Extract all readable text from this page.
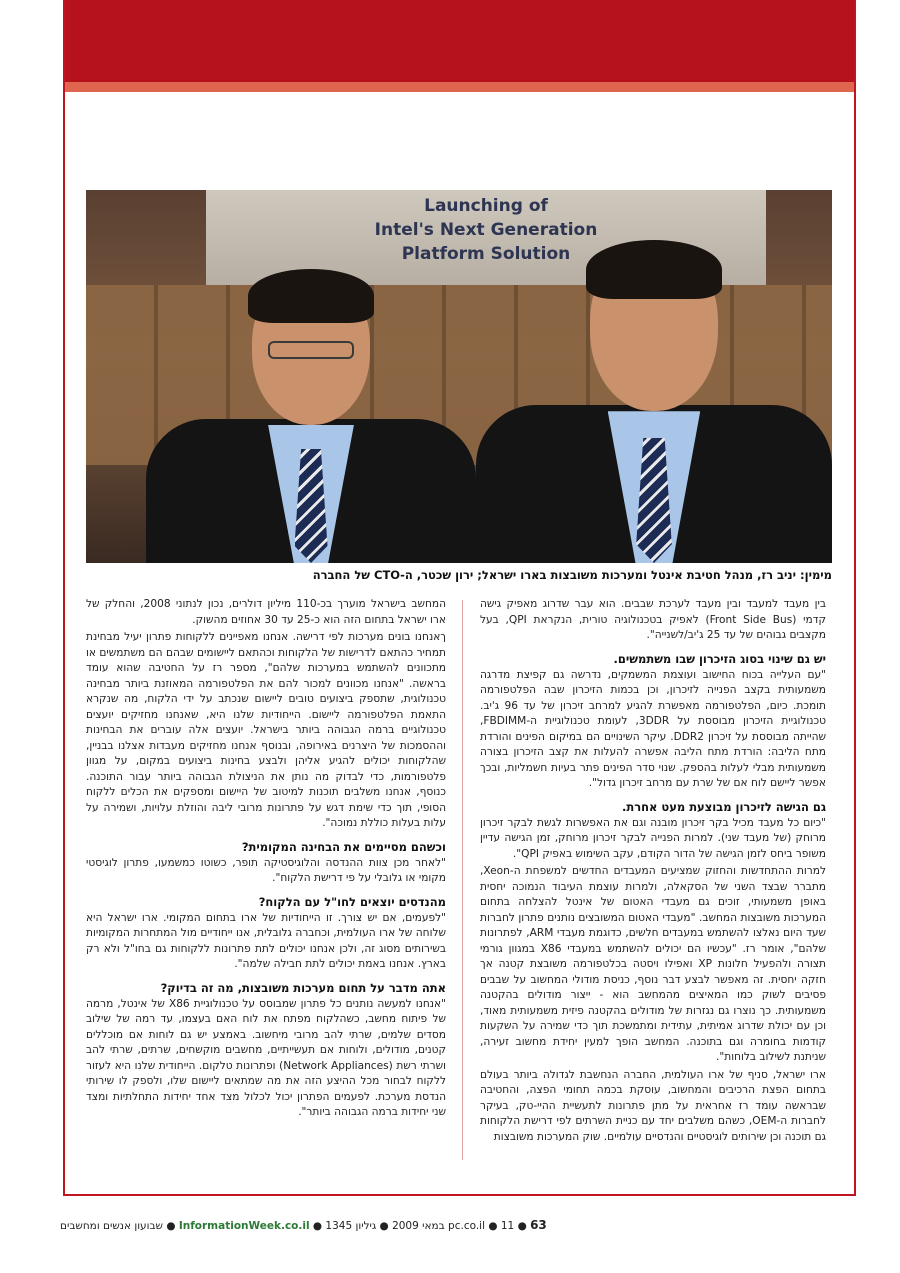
Launching of
Intel's Next Generation
Platform Solution
מימין: יניב רז, מנהל חטיבת אינטל ומערכות משובצות בארו ישראל; ירון שכטר, ה-CTO של החברה

בין מעבד למעבד ובין מעבד לערכת שבבים. הוא עבר שדרוג מאפיק גישה קדמי (Front Side Bus) לאפיק בטכנולוגיה טורית, הנקראת QPI, בעל מקצבים גבוהים של עד 25 ג'יב/לשנייה".

יש גם שינוי בסוג הזיכרון שבו משתמשים.

"עם העלייה בכוח החישוב ועוצמת המשמקים, נדרשה גם קפיצת מדרגה משמעותית בקצב הפנייה לזיכרון, וכן בכמות הזיכרון שבה הפלטפורמה תומכת. כיום, הפלטפורמה מאפשרת להגיע למרחב זיכרון של עד 96 ג'יב. טכנולוגיית הזיכרון מבוססת על 3DDR, לעומת טכנולוגיית ה-FBDIMM, שהייתה מבוססת על זיכרון DDR2. עיקר השינויים הם במיקום הפינים והורדת מתח הליבה: הורדת מתח הליבה אפשרה להעלות את קצב הזיכרון בצורה משמעותית מבלי לעלות בהספק. שנוי סדר הפינים פתר בעיות חשמליות, ובכך אפשר ליישם לוח אם של שרת עם מרחב זיכרון גדול".

גם הגישה לזיכרון מבוצעת מעט אחרת.

"כיום כל מעבד מכיל בקר זיכרון מובנה וגם את האפשרות לגשת לבקר זיכרון מרוחק (של מעבד שני). למרות הפנייה לבקר זיכרון מרוחק, זמן הגישה עדיין משופר ביחס לזמן הגישה של הדור הקודם, עקב השימוש באפיק QPI".

למרות ההתחדשות והחזוק שמציעים המעבדים החדשים למשפחת ה-Xeon, מתברר שבצד השני של הסקאלה, ולמרות עוצמת העיבוד הנמוכה יחסית באופן משמעותי, זוכים גם מעבדי האטום של אינטל להצלחה בתחום המערכות משובצות המחשב. "מעבדי האטום המשובצים נותנים פתרון לחברות שעד היום נאלצו להשתמש במעבדים חלשים, כדוגמת מעבדי ARM, לפתרונות שלהם", אומר רז. "עכשיו הם יכולים להשתמש במעבדי X86 במגוון גורמי תצורה ולהפעיל חלונות XP ואפילו ויסטה בכלטפורמה משובצת קטנה אך חזקה יחסית. זה מאפשר לבצע דבר נוסף, כניסת מודולי המחשוב על שבבים פסיבים לשוק כמו המאיצים מהמחשב הוא - ייצור מודולים בהקטנה משמעותית. כך נוצרו גם נגזרות של מודולים בהקטנה פיזית משמעותית מאוד, וכן עם יכולת שדרוג אמיתית, עתידית ומתמשכת תוך כדי שמירה על השקעות קודמות בחומרה וגם בתוכנה. המחשב הופך למעין יחידת מחשוב זעירה, שניתנת לשילוב בלוחות".

ארו ישראל, סניף של ארו העולמית, החברה הנחשבת לגדולה ביותר בעולם בתחום הפצת הרכיבים והמחשוב, עוסקת בכמה תחומי הפצה, והחטיבה שבראשה עומד רז אחראית על מתן פתרונות לתעשיית ההיי-טק, בעיקר לחברות ה-OEM, כשהם משלבים יחד עם כניית השרתים לפי דרישת הלקוחות גם תוכנה וכן שירותים לוגיסטיים והנדסיים עולמיים. שוק המערכות משובצות

המחשב בישראל מוערך בכ-110 מיליון דולרים, נכון לנתוני 2008, והחלק של ארו ישראל בתחום הזה הוא כ-25 עד 30 אחוזים מהשוק.

ךאנחנו בונים מערכות לפי דרישה. אנחנו מאפיינים ללקוחות פתרון יעיל מבחינת תמחיר כהתאם לדרישות של הלקוחות וכהתאם ליישומים שבהם הם משתמשים או מתכוונים להשתמש במערכות שלהם", מספר רז על החטיבה שהוא עומד בראשה. "אנחנו מכוונים למכור להם את הפלטפורמה המאוזנת ביותר מבחינה טכנולוגית, שתספק ביצועים טובים ליישום שנכתב על ידי הלקוח, מה שנקרא התאמת הפלטפורמה ליישום. הייחודיות שלנו היא, שאנחנו מחזיקים יועצים טכנולוגיים ברמה הגבוהה ביותר בישראל. יועצים אלה עוברים את הבחינות וההסמכות של היצרנים באירופה, ובנוסף אנחנו מחזיקים מעבדות אצלנו בבניין, שהלקוחות יכולים להגיע אליהן ולבצע בחינות ביצועים במקום, על מגוון פלטפורמות, כדי לבדוק מה נותן את הניצולת הגבוהה ביותר עבור התוכנה. כנוסף, אנחנו משלבים תוכנות למיטוב של היישום ומספקים את הכלים ללקוח הסופי, תוך כדי שימת דגש על פתרונות מרובי ליבה והוזלת עלויות, ושמירה על עלות בעלות כוללת נמוכה".

וכשהם מסיימים את הבחינה המקומית?

"לאחר מכן צוות ההנדסה והלוגיסטיקה תופר, כשוטו כמשמעו, פתרון לוגיסטי מקומי או גלובלי על פי דרישת הלקוח".

מהנדסים יוצאים לחו"ל עם הלקוח?

"לפעמים, אם יש צורך. זו הייחודיות של ארו בתחום המקומי. ארו ישראל היא שלוחה של ארו העולמית, וכחברה גלובלית, אנו ייחודיים מול המתחרות המקומיות בשירותים מסוג זה, ולכן אנחנו יכולים לתת פתרונות ללקוחות גם בחו"ל ולא רק בארץ. אנחנו באמת יכולים לתת חבילה שלמה".

אתה מדבר על תחום מערכות משובצות, מה זה בדיוק?

"אנחנו למעשה נותנים כל פתרון שמבוסס על טכנולוגיית X86 של אינטל, מרמה של פיתוח מחשב, כשהלקוח מפתח את לוח האם בעצמו, עד רמה של שילוב מסדים שלמים, שרתי להב מרובי מיחשוב. באמצע יש גם לוחות אם מוכללים קטנים, מודולים, ולוחות אם תעשייתיים, מחשבים מוקשחים, שרתים, שרתי להב ושרתי רשת (Network Appliances) ופתרונות טלקום. הייחודית שלנו היא לעזור ללקוח לבחור מכל ההיצע הזה את מה שמתאים ליישום שלו, ולספק לו שירותי הנדסת מערכת. לפעמים הפתרון יכול לכלול מצד אחד יחידות התחלתיות ומצד שני יחידות ברמה הגבוהה ביותר".

63 ● pc.co.il ● 11 במאי 2009 ● גיליון 1345 ● InformationWeek.co.il ● שבועון אנשים ומחשבים
